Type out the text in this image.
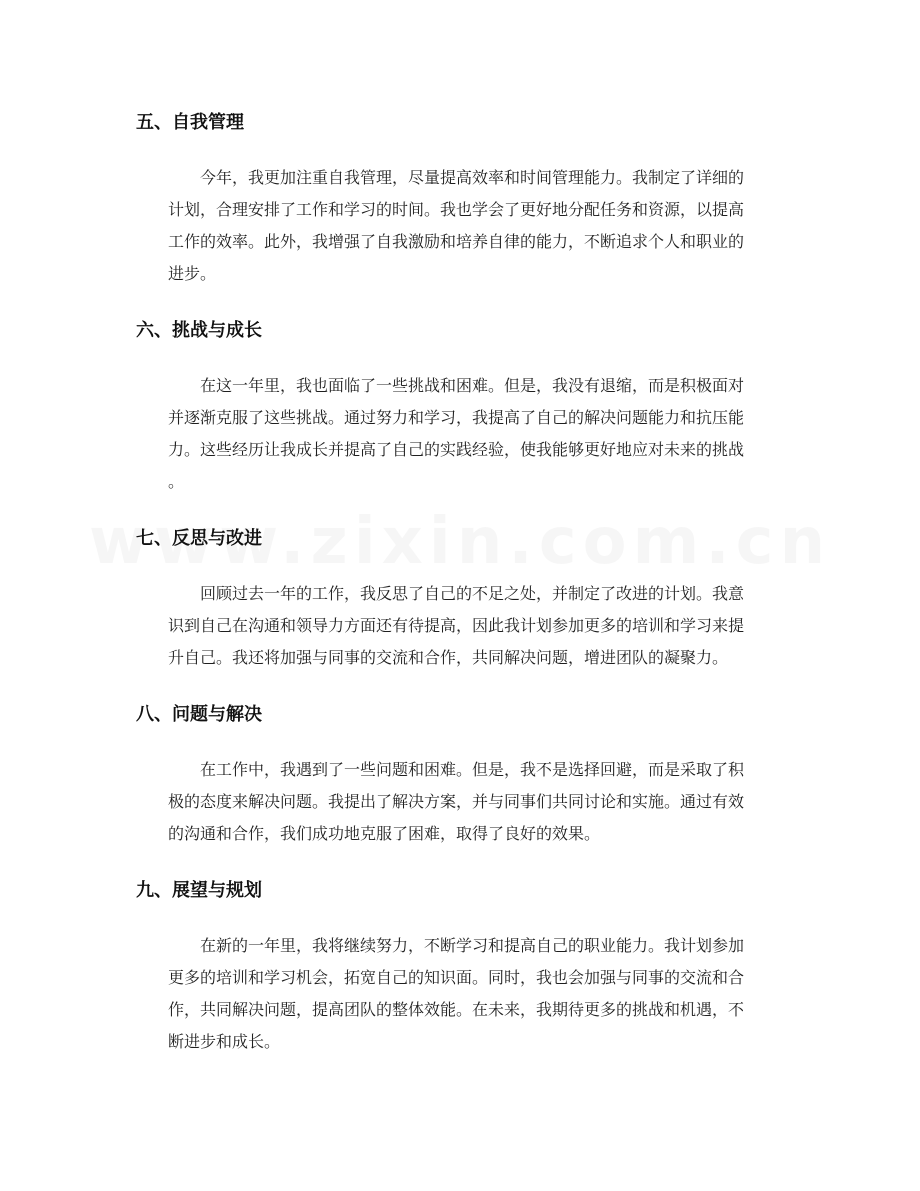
五、自我管理
今年，我更加注重自我管理，尽量提高效率和时间管理能力。我制定了详细的
计划，合理安排了工作和学习的时间。我也学会了更好地分配任务和资源，以提高
工作的效率。此外，我增强了自我激励和培养自律的能力，不断追求个人和职业的
进步。
六、挑战与成长
在这一年里，我也面临了一些挑战和困难。但是，我没有退缩，而是积极面对
并逐渐克服了这些挑战。通过努力和学习，我提高了自己的解决问题能力和抗压能
力。这些经历让我成长并提高了自己的实践经验，使我能够更好地应对未来的挑战
。
七、反思与改进
回顾过去一年的工作，我反思了自己的不足之处，并制定了改进的计划。我意
识到自己在沟通和领导力方面还有待提高，因此我计划参加更多的培训和学习来提
升自己。我还将加强与同事的交流和合作，共同解决问题，增进团队的凝聚力。
八、问题与解决
在工作中，我遇到了一些问题和困难。但是，我不是选择回避，而是采取了积
极的态度来解决问题。我提出了解决方案，并与同事们共同讨论和实施。通过有效
的沟通和合作，我们成功地克服了困难，取得了良好的效果。
九、展望与规划
在新的一年里，我将继续努力，不断学习和提高自己的职业能力。我计划参加
更多的培训和学习机会，拓宽自己的知识面。同时，我也会加强与同事的交流和合
作，共同解决问题，提高团队的整体效能。在未来，我期待更多的挑战和机遇，不
断进步和成长。
